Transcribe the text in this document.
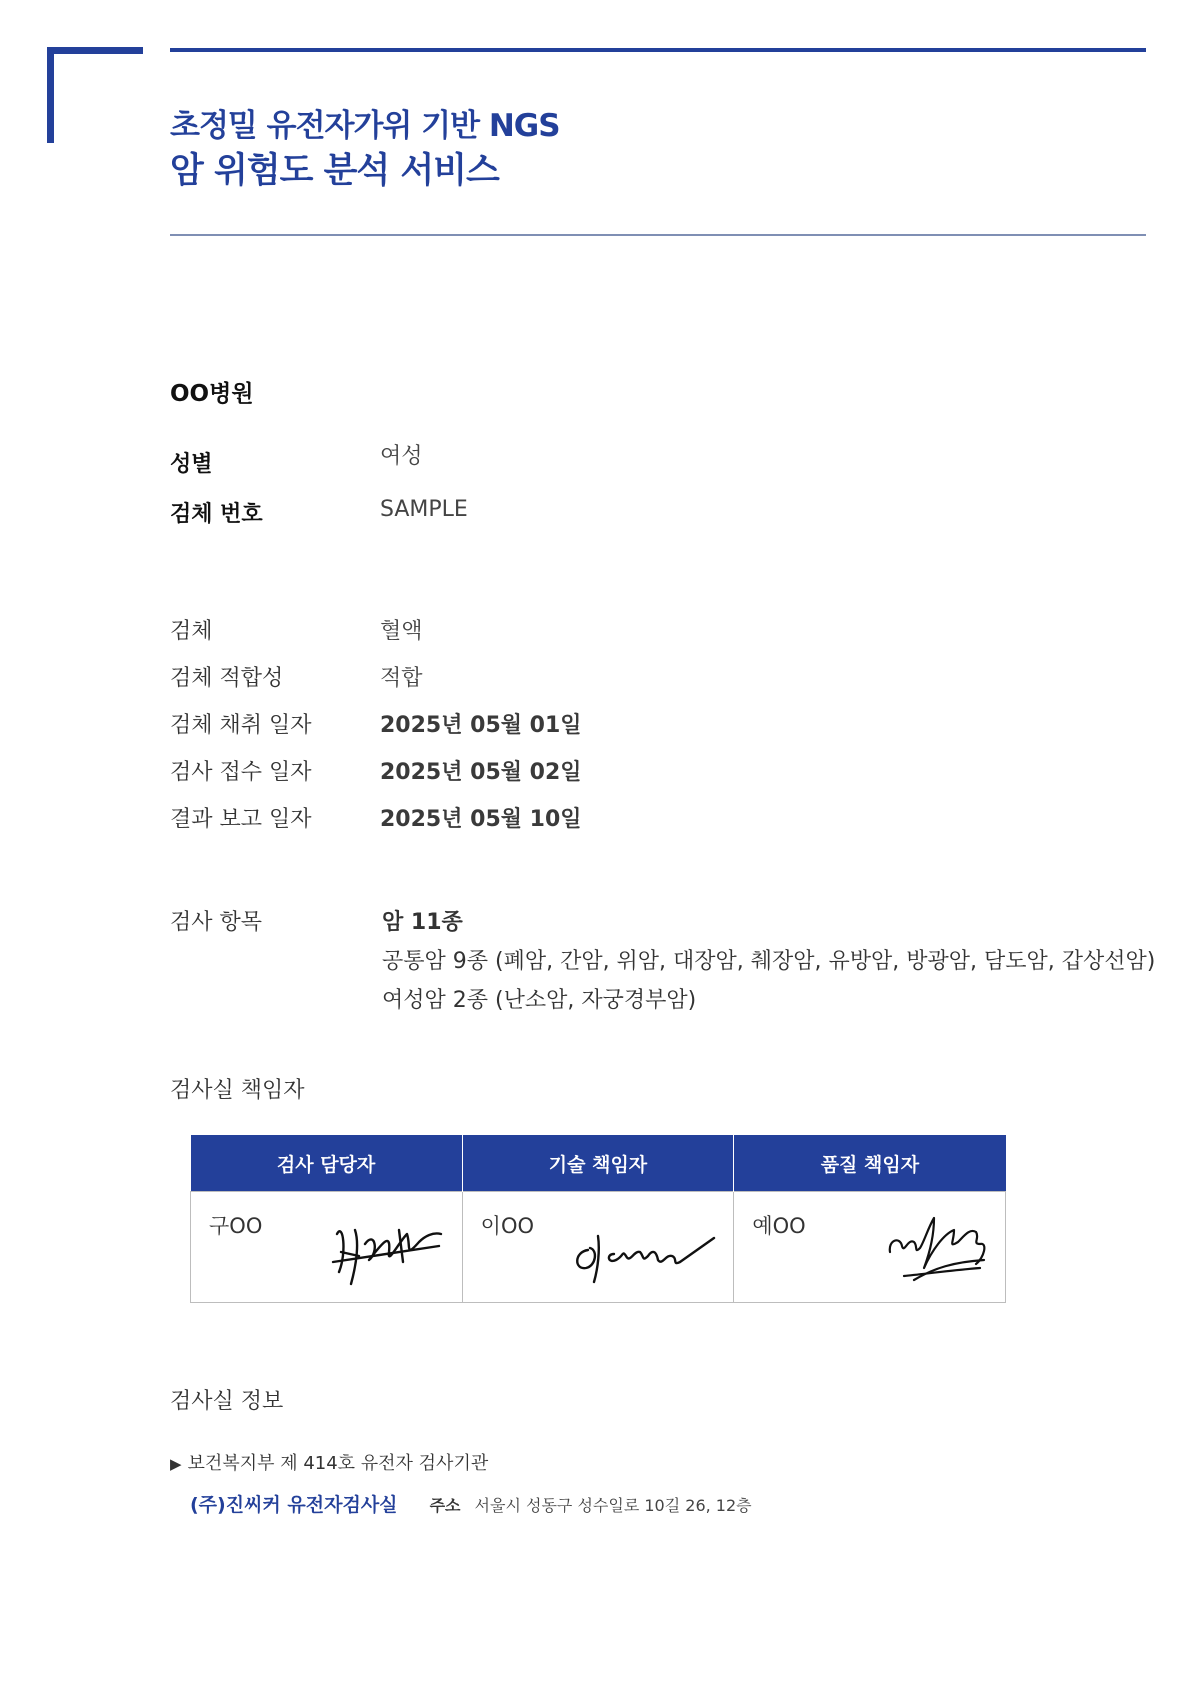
초정밀 유전자가위 기반 NGS
암 위험도 분석 서비스
OO병원
성별	여성
검체 번호	SAMPLE
검체	혈액
검체 적합성	적합
검체 채취 일자	2025년 05월 01일
검사 접수 일자	2025년 05월 02일
결과 보고 일자	2025년 05월 10일
검사 항목	암 11종
공통암 9종 (폐암, 간암, 위암, 대장암, 췌장암, 유방암, 방광암, 담도암, 갑상선암)
여성암 2종 (난소암, 자궁경부암)
검사실 책임자
검사 담당자	기술 책임자	품질 책임자

구OO	이OO	예OO
검사실 정보
▶ 보건복지부 제 414호 유전자 검사기관
(주)진씨커 유전자검사실 주소 서울시 성동구 성수일로 10길 26, 12층
